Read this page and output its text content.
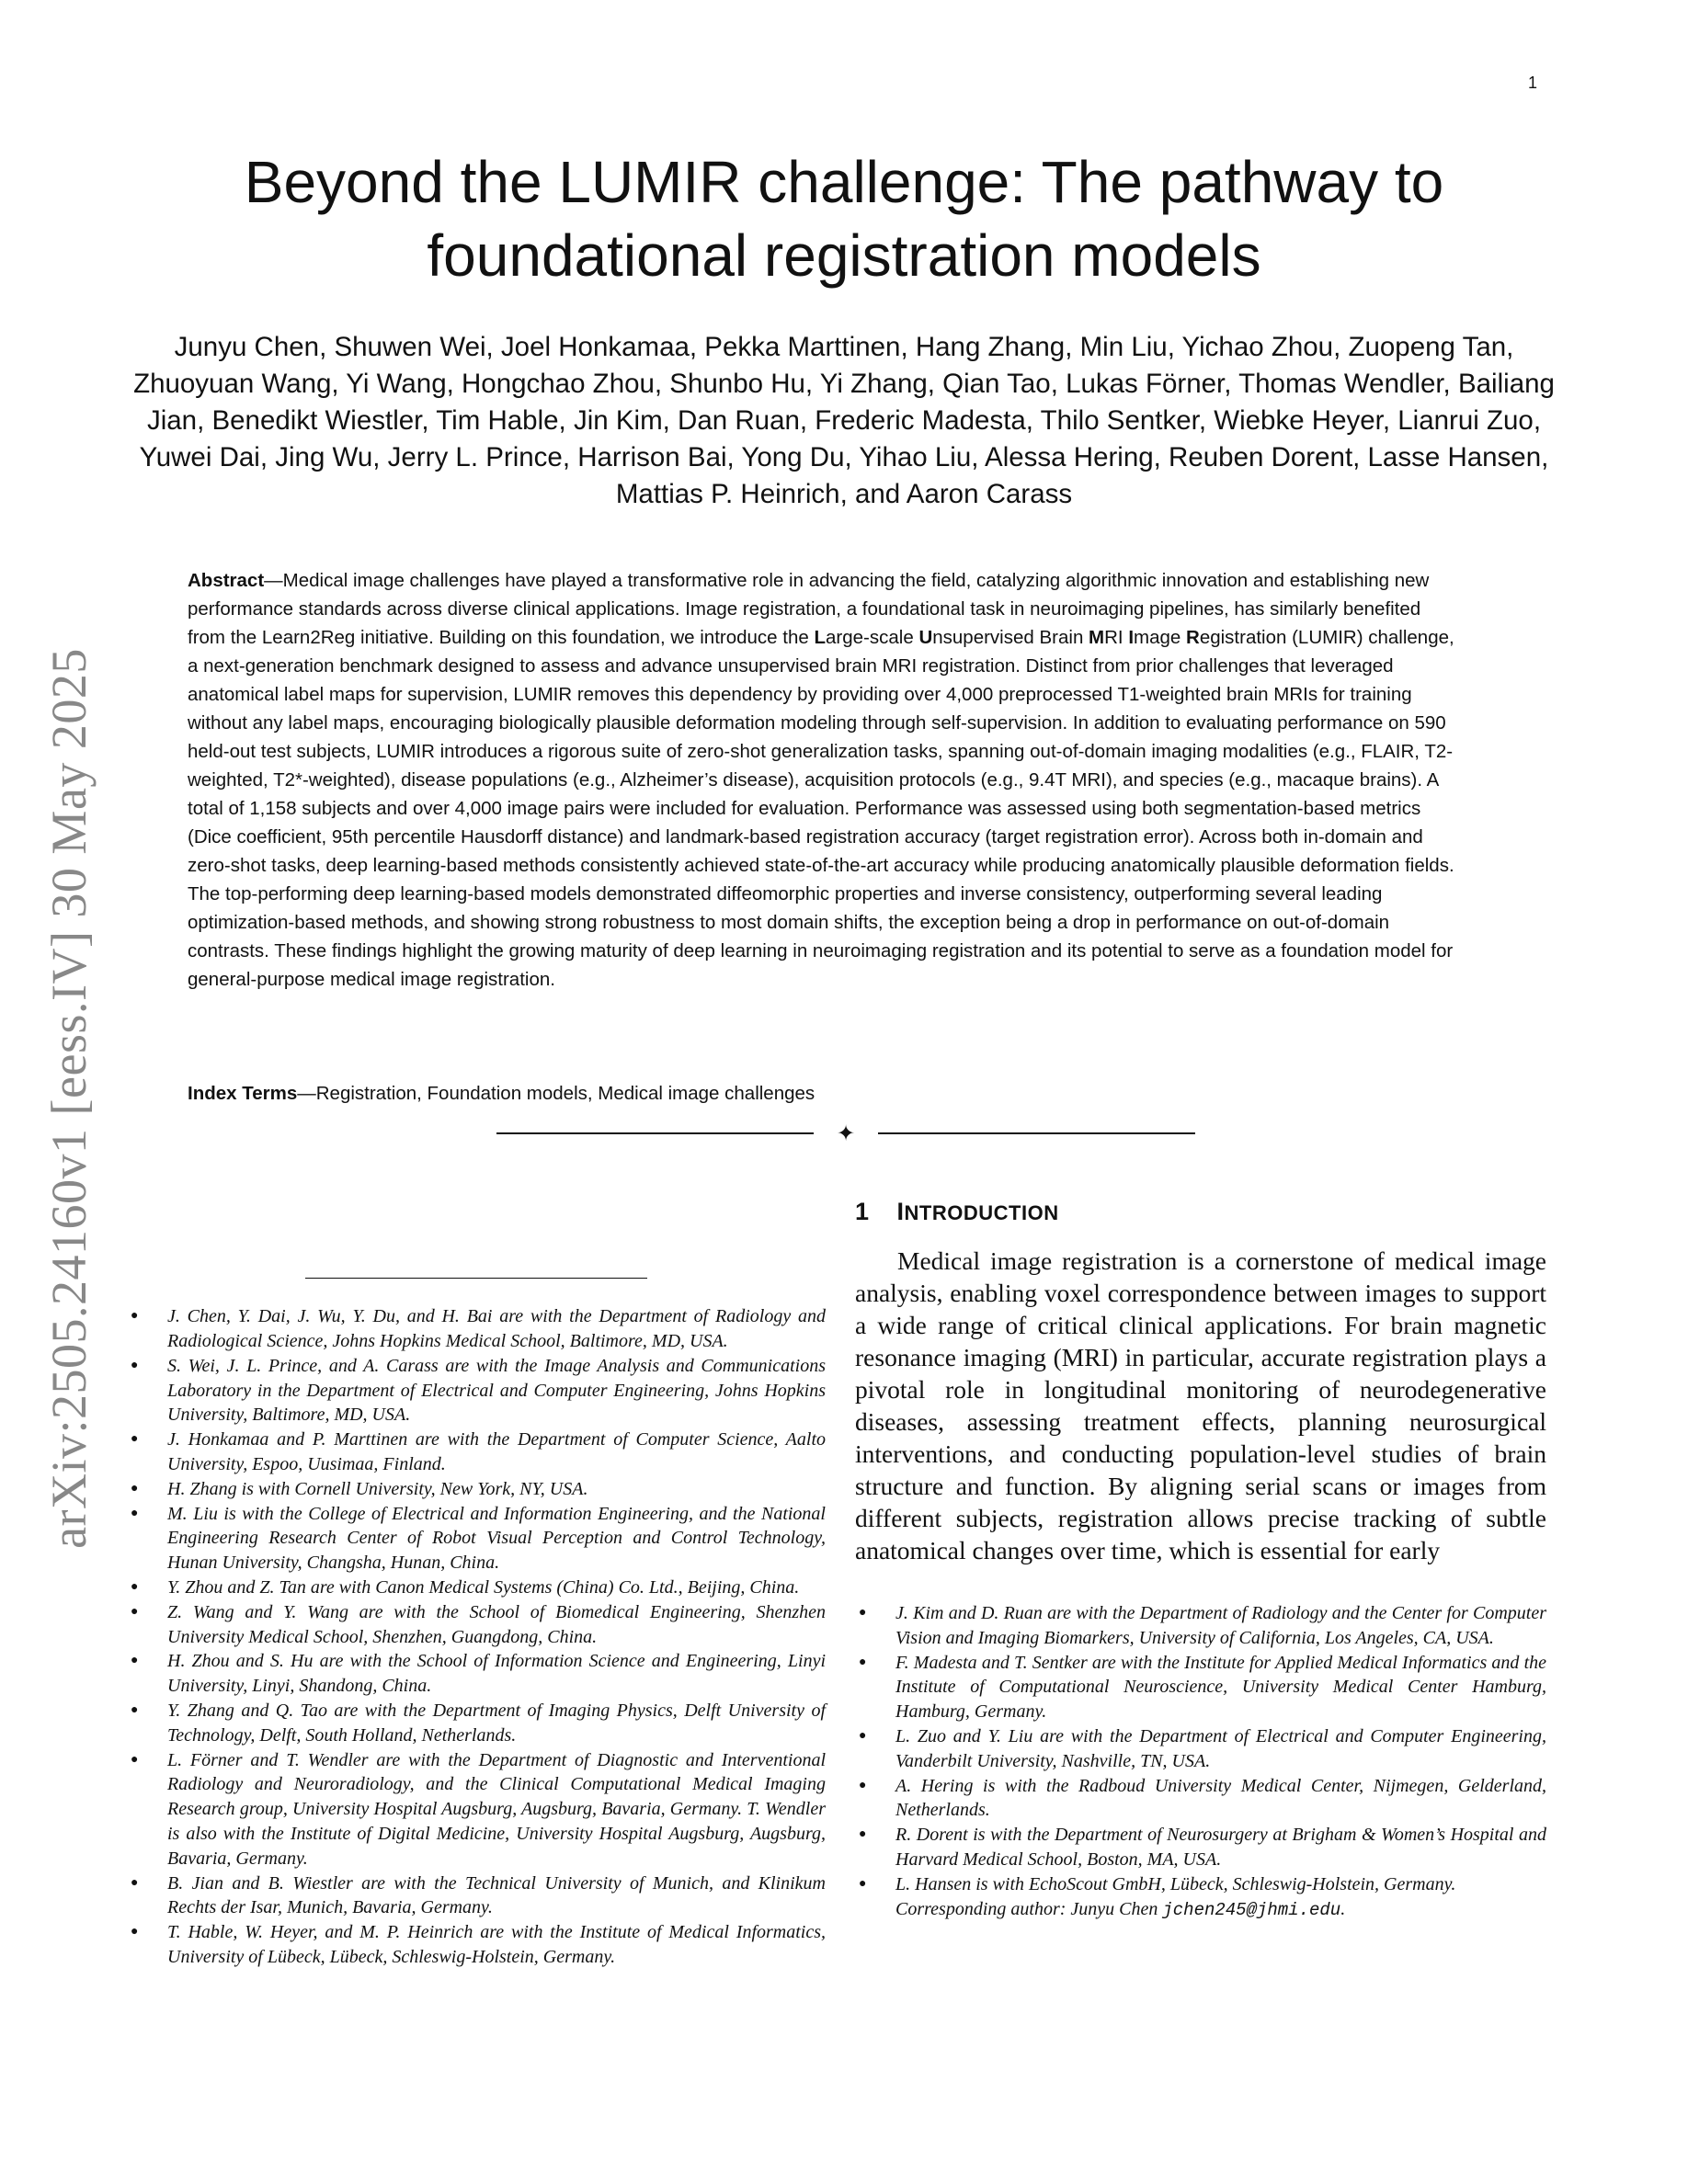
1
arXiv:2505.24160v1 [eess.IV] 30 May 2025
Beyond the LUMIR challenge: The pathway to foundational registration models
Junyu Chen, Shuwen Wei, Joel Honkamaa, Pekka Marttinen, Hang Zhang, Min Liu, Yichao Zhou, Zuopeng Tan, Zhuoyuan Wang, Yi Wang, Hongchao Zhou, Shunbo Hu, Yi Zhang, Qian Tao, Lukas Förner, Thomas Wendler, Bailiang Jian, Benedikt Wiestler, Tim Hable, Jin Kim, Dan Ruan, Frederic Madesta, Thilo Sentker, Wiebke Heyer, Lianrui Zuo, Yuwei Dai, Jing Wu, Jerry L. Prince, Harrison Bai, Yong Du, Yihao Liu, Alessa Hering, Reuben Dorent, Lasse Hansen, Mattias P. Heinrich, and Aaron Carass

Abstract—Medical image challenges have played a transformative role in advancing the field, catalyzing algorithmic innovation and establishing new performance standards across diverse clinical applications. Image registration, a foundational task in neuroimaging pipelines, has similarly benefited from the Learn2Reg initiative. Building on this foundation, we introduce the Large-scale Unsupervised Brain MRI Image Registration (LUMIR) challenge, a next-generation benchmark designed to assess and advance unsupervised brain MRI registration. Distinct from prior challenges that leveraged anatomical label maps for supervision, LUMIR removes this dependency by providing over 4,000 preprocessed T1-weighted brain MRIs for training without any label maps, encouraging biologically plausible deformation modeling through self-supervision. In addition to evaluating performance on 590 held-out test subjects, LUMIR introduces a rigorous suite of zero-shot generalization tasks, spanning out-of-domain imaging modalities (e.g., FLAIR, T2-weighted, T2*-weighted), disease populations (e.g., Alzheimer’s disease), acquisition protocols (e.g., 9.4T MRI), and species (e.g., macaque brains). A total of 1,158 subjects and over 4,000 image pairs were included for evaluation. Performance was assessed using both segmentation-based metrics (Dice coefficient, 95th percentile Hausdorff distance) and landmark-based registration accuracy (target registration error). Across both in-domain and zero-shot tasks, deep learning-based methods consistently achieved state-of-the-art accuracy while producing anatomically plausible deformation fields. The top-performing deep learning-based models demonstrated diffeomorphic properties and inverse consistency, outperforming several leading optimization-based methods, and showing strong robustness to most domain shifts, the exception being a drop in performance on out-of-domain contrasts. These findings highlight the growing maturity of deep learning in neuroimaging registration and its potential to serve as a foundation model for general-purpose medical image registration.

Index Terms—Registration, Foundation models, Medical image challenges
✦
● J. Chen, Y. Dai, J. Wu, Y. Du, and H. Bai are with the Department of Radiology and Radiological Science, Johns Hopkins Medical School, Baltimore, MD, USA.
● S. Wei, J. L. Prince, and A. Carass are with the Image Analysis and Communications Laboratory in the Department of Electrical and Computer Engineering, Johns Hopkins University, Baltimore, MD, USA.
● J. Honkamaa and P. Marttinen are with the Department of Computer Science, Aalto University, Espoo, Uusimaa, Finland.
● H. Zhang is with Cornell University, New York, NY, USA.
● M. Liu is with the College of Electrical and Information Engineering, and the National Engineering Research Center of Robot Visual Perception and Control Technology, Hunan University, Changsha, Hunan, China.
● Y. Zhou and Z. Tan are with Canon Medical Systems (China) Co. Ltd., Beijing, China.
● Z. Wang and Y. Wang are with the School of Biomedical Engineering, Shenzhen University Medical School, Shenzhen, Guangdong, China.
● H. Zhou and S. Hu are with the School of Information Science and Engineering, Linyi University, Linyi, Shandong, China.
● Y. Zhang and Q. Tao are with the Department of Imaging Physics, Delft University of Technology, Delft, South Holland, Netherlands.
● L. Förner and T. Wendler are with the Department of Diagnostic and Interventional Radiology and Neuroradiology, and the Clinical Computational Medical Imaging Research group, University Hospital Augsburg, Augsburg, Bavaria, Germany. T. Wendler is also with the Institute of Digital Medicine, University Hospital Augsburg, Augsburg, Bavaria, Germany.
● B. Jian and B. Wiestler are with the Technical University of Munich, and Klinikum Rechts der Isar, Munich, Bavaria, Germany.
● T. Hable, W. Heyer, and M. P. Heinrich are with the Institute of Medical Informatics, University of Lübeck, Lübeck, Schleswig-Holstein, Germany.
1 INTRODUCTION

Medical image registration is a cornerstone of medical image analysis, enabling voxel correspondence between images to support a wide range of critical clinical applications. For brain magnetic resonance imaging (MRI) in particular, accurate registration plays a pivotal role in longitudinal monitoring of neurodegenerative diseases, assessing treatment effects, planning neurosurgical interventions, and conducting population-level studies of brain structure and function. By aligning serial scans or images from different subjects, registration allows precise tracking of subtle anatomical changes over time, which is essential for early

● J. Kim and D. Ruan are with the Department of Radiology and the Center for Computer Vision and Imaging Biomarkers, University of California, Los Angeles, CA, USA.
● F. Madesta and T. Sentker are with the Institute for Applied Medical Informatics and the Institute of Computational Neuroscience, University Medical Center Hamburg, Hamburg, Germany.
● L. Zuo and Y. Liu are with the Department of Electrical and Computer Engineering, Vanderbilt University, Nashville, TN, USA.
● A. Hering is with the Radboud University Medical Center, Nijmegen, Gelderland, Netherlands.
● R. Dorent is with the Department of Neurosurgery at Brigham & Women’s Hospital and Harvard Medical School, Boston, MA, USA.
● L. Hansen is with EchoScout GmbH, Lübeck, Schleswig-Holstein, Germany.
Corresponding author: Junyu Chen jchen245@jhmi.edu.
